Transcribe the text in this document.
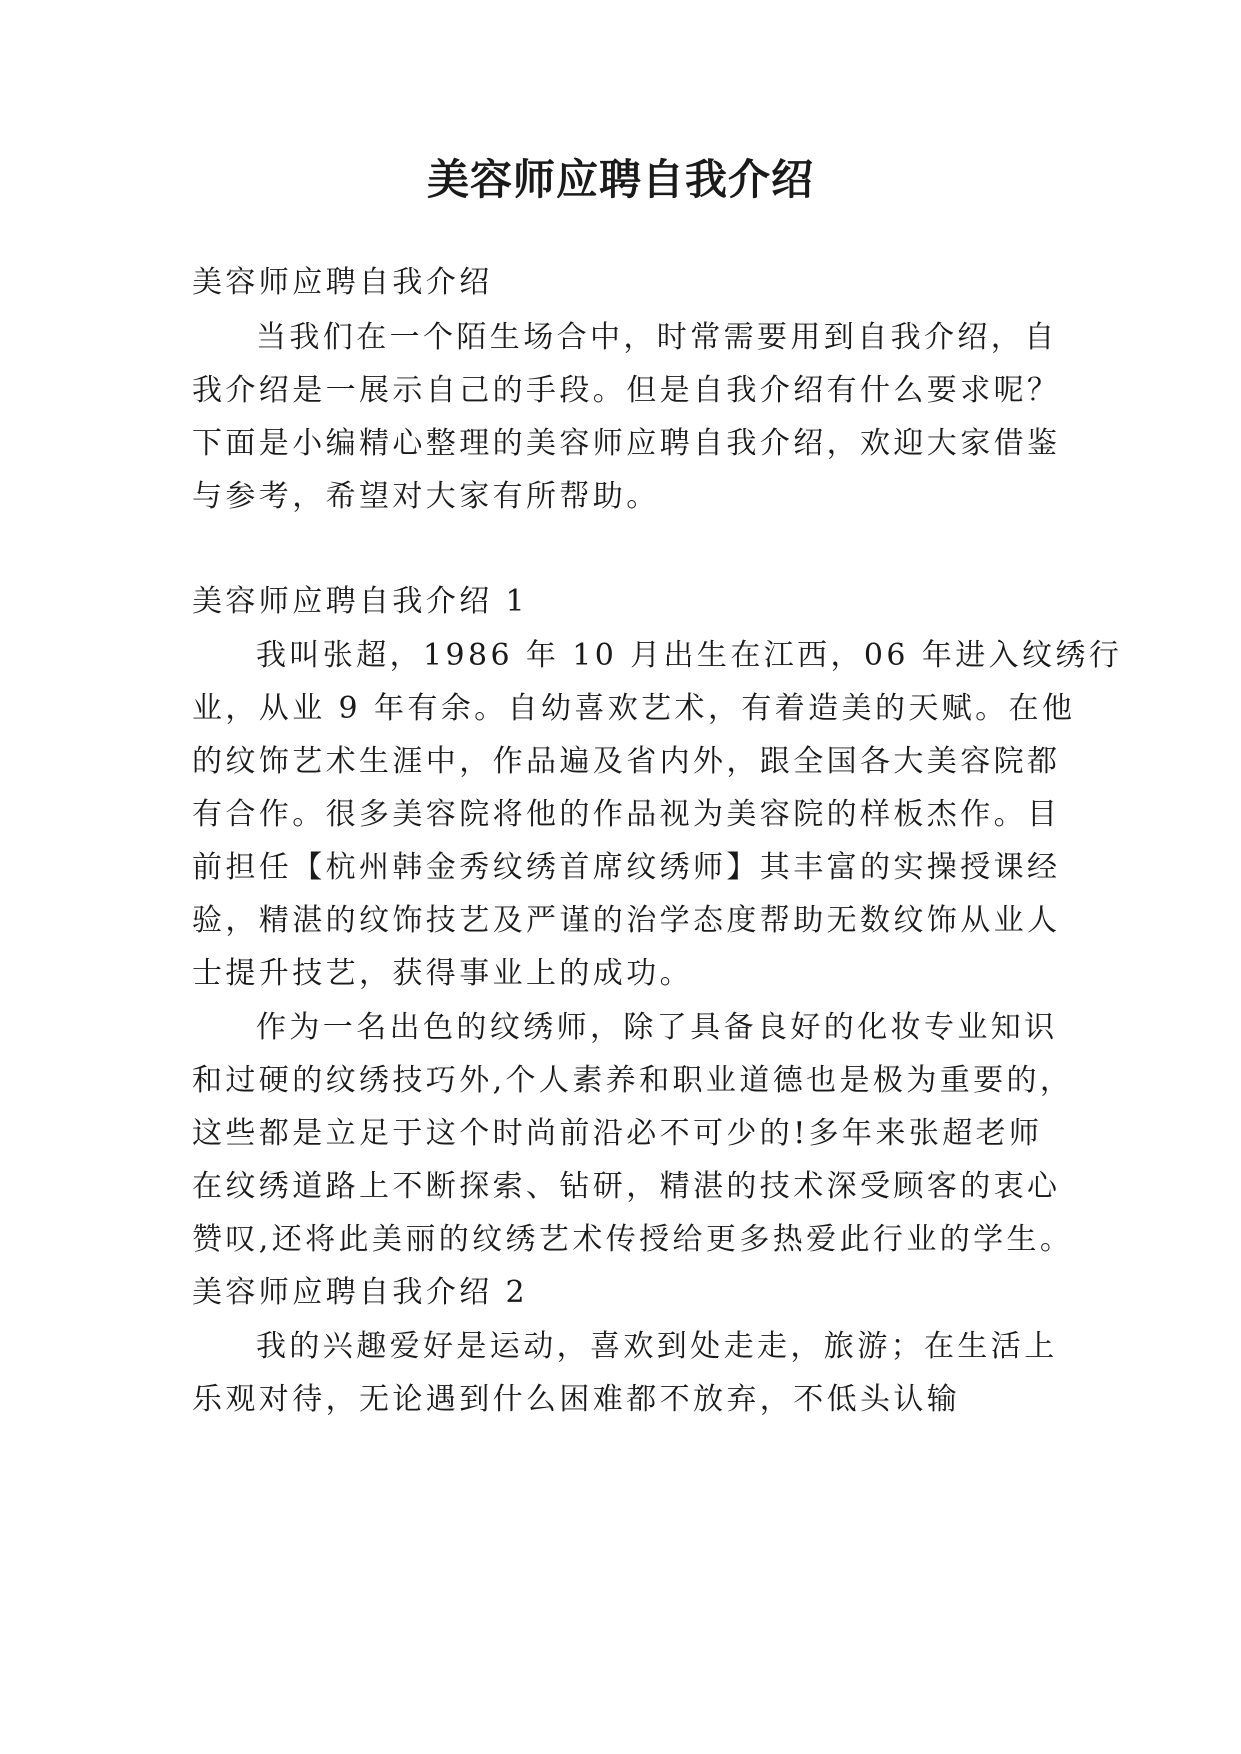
美容师应聘自我介绍

美容师应聘自我介绍

当我们在一个陌生场合中，时常需要用到自我介绍，自

我介绍是一展示自己的手段。但是自我介绍有什么要求呢？

下面是小编精心整理的美容师应聘自我介绍，欢迎大家借鉴

与参考，希望对大家有所帮助。

美容师应聘自我介绍 1

我叫张超，1986 年 10 月出生在江西，06 年进入纹绣行

业，从业 9 年有余。自幼喜欢艺术，有着造美的天赋。在他

的纹饰艺术生涯中，作品遍及省内外，跟全国各大美容院都

有合作。很多美容院将他的作品视为美容院的样板杰作。目

前担任【杭州韩金秀纹绣首席纹绣师】其丰富的实操授课经

验，精湛的纹饰技艺及严谨的治学态度帮助无数纹饰从业人

士提升技艺，获得事业上的成功。

作为一名出色的纹绣师，除了具备良好的化妆专业知识

和过硬的纹绣技巧外,个人素养和职业道德也是极为重要的，

这些都是立足于这个时尚前沿必不可少的!多年来张超老师

在纹绣道路上不断探索、钻研，精湛的技术深受顾客的衷心

赞叹,还将此美丽的纹绣艺术传授给更多热爱此行业的学生。

美容师应聘自我介绍 2

我的兴趣爱好是运动，喜欢到处走走，旅游；在生活上

乐观对待，无论遇到什么困难都不放弃，不低头认输
